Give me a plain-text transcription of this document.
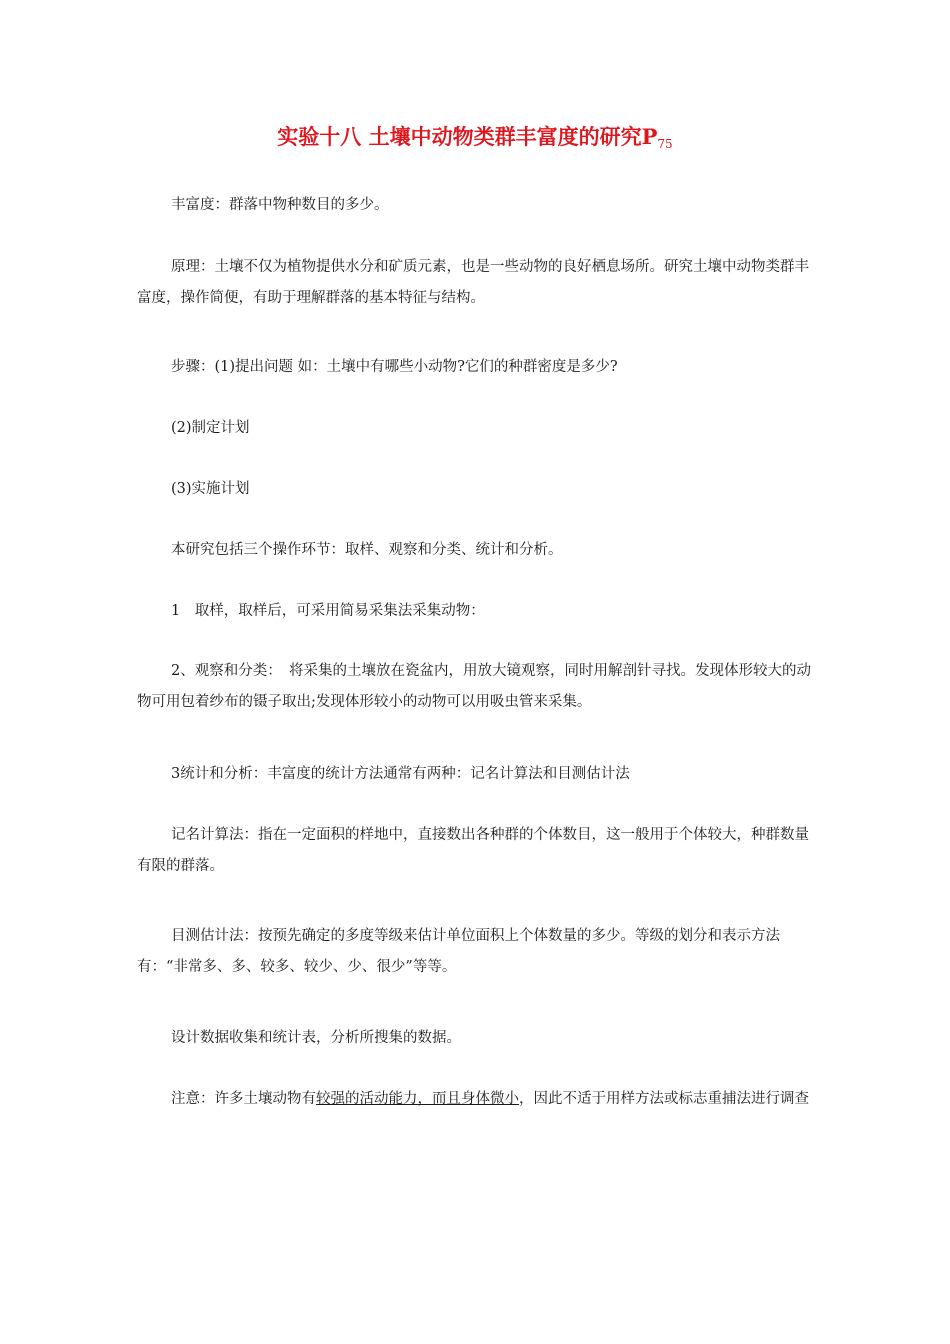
实验十八 土壤中动物类群丰富度的研究$P_{75}$

丰富度：群落中物种数目的多少。

原理：土壤不仅为植物提供水分和矿质元素，也是一些动物的良好栖息场所。研究土壤中动物类群丰富度，操作简便，有助于理解群落的基本特征与结构。

步骤：(1)提出问题 如：土壤中有哪些小动物?它们的种群密度是多少?

(2)制定计划

(3)实施计划

本研究包括三个操作环节：取样、观察和分类、统计和分析。

1　取样，取样后，可采用简易采集法采集动物：

2、观察和分类：　将采集的土壤放在瓷盆内，用放大镜观察，同时用解剖针寻找。发现体形较大的动物可用包着纱布的镊子取出;发现体形较小的动物可以用吸虫管来采集。

3统计和分析：丰富度的统计方法通常有两种：记名计算法和目测估计法

记名计算法：指在一定面积的样地中，直接数出各种群的个体数目，这一般用于个体较大，种群数量有限的群落。

目测估计法：按预先确定的多度等级来估计单位面积上个体数量的多少。等级的划分和表示方法有：“非常多、多、较多、较少、少、很少”等等。

设计数据收集和统计表，分析所搜集的数据。

注意：许多土壤动物有较强的活动能力，而且身体微小，因此不适于用样方法或标志重捕法进行调查
